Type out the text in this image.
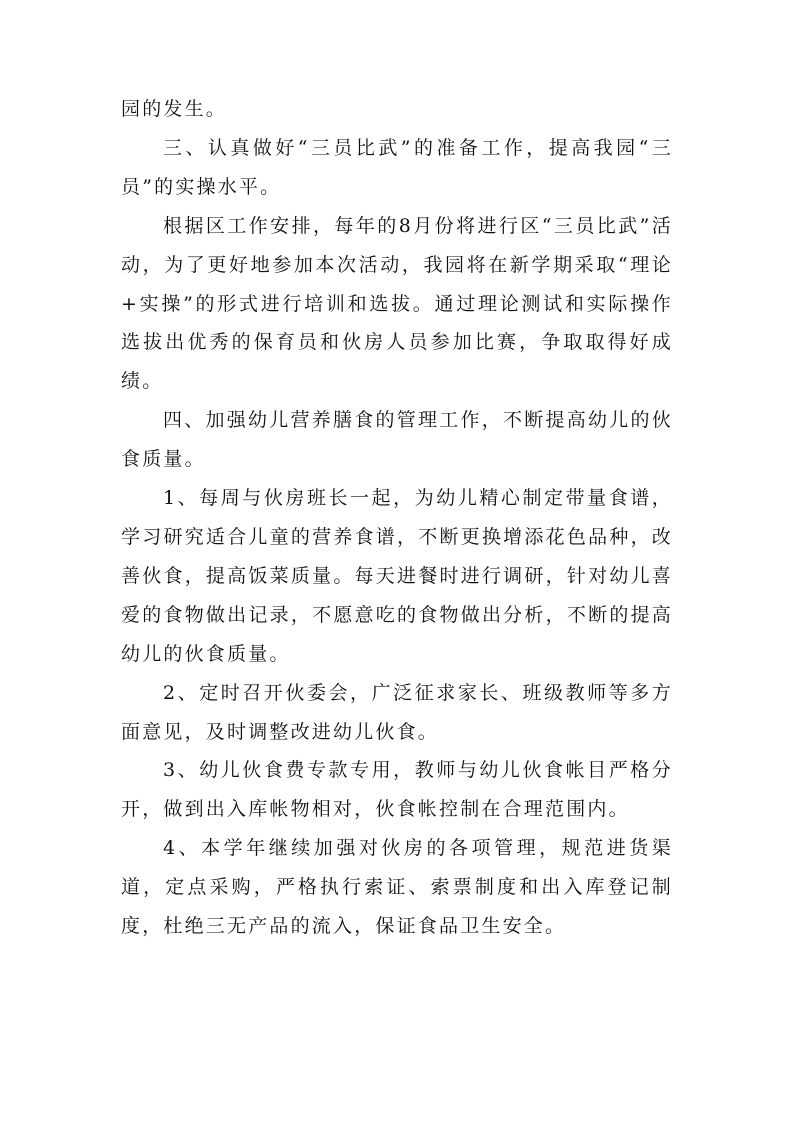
园的发生。

三、认真做好“三员比武”的准备工作，提高我园“三员”的实操水平。

根据区工作安排，每年的8月份将进行区“三员比武”活动，为了更好地参加本次活动，我园将在新学期采取“理论+实操”的形式进行培训和选拔。通过理论测试和实际操作选拔出优秀的保育员和伙房人员参加比赛，争取取得好成绩。

四、加强幼儿营养膳食的管理工作，不断提高幼儿的伙食质量。

1、每周与伙房班长一起，为幼儿精心制定带量食谱，学习研究适合儿童的营养食谱，不断更换增添花色品种，改善伙食，提高饭菜质量。每天进餐时进行调研，针对幼儿喜爱的食物做出记录，不愿意吃的食物做出分析，不断的提高幼儿的伙食质量。

2、定时召开伙委会，广泛征求家长、班级教师等多方面意见，及时调整改进幼儿伙食。

3、幼儿伙食费专款专用，教师与幼儿伙食帐目严格分开，做到出入库帐物相对，伙食帐控制在合理范围内。

4、本学年继续加强对伙房的各项管理，规范进货渠道，定点采购，严格执行索证、索票制度和出入库登记制度，杜绝三无产品的流入，保证食品卫生安全。
